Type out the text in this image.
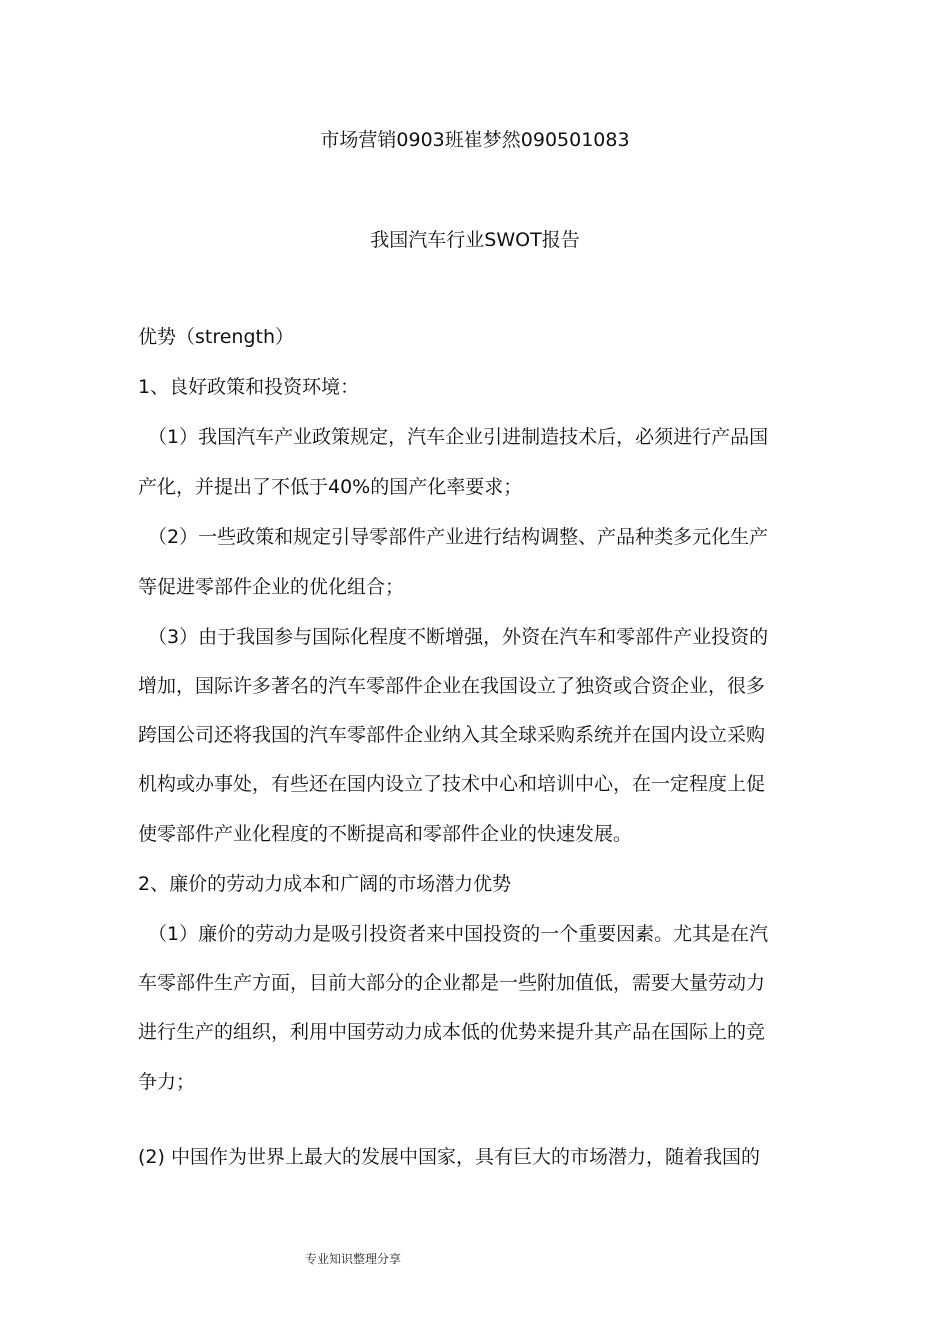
市场营销0903班崔梦然090501083
我国汽车行业SWOT报告
优势（strength）
1、良好政策和投资环境：
（1）我国汽车产业政策规定，汽车企业引进制造技术后，必须进行产品国
产化，并提出了不低于40%的国产化率要求；
（2）一些政策和规定引导零部件产业进行结构调整、产品种类多元化生产
等促进零部件企业的优化组合；
（3）由于我国参与国际化程度不断增强，外资在汽车和零部件产业投资的
增加，国际许多著名的汽车零部件企业在我国设立了独资或合资企业，很多
跨国公司还将我国的汽车零部件企业纳入其全球采购系统并在国内设立采购
机构或办事处，有些还在国内设立了技术中心和培训中心，在一定程度上促
使零部件产业化程度的不断提高和零部件企业的快速发展。
2、廉价的劳动力成本和广阔的市场潜力优势
（1）廉价的劳动力是吸引投资者来中国投资的一个重要因素。尤其是在汽
车零部件生产方面，目前大部分的企业都是一些附加值低，需要大量劳动力
进行生产的组织，利用中国劳动力成本低的优势来提升其产品在国际上的竞
争力；
(2) 中国作为世界上最大的发展中国家，具有巨大的市场潜力，随着我国的
专业知识整理分享
